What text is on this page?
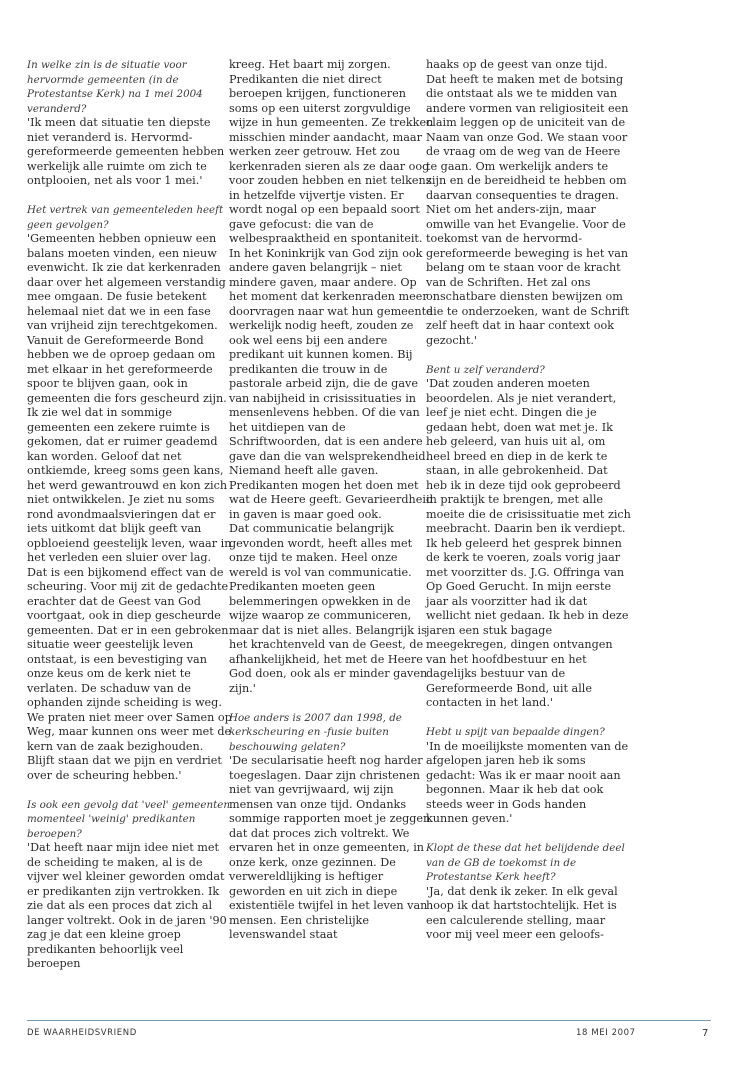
In welke zin is de situatie voor hervormde gemeenten (in de Protestantse Kerk) na 1 mei 2004 veranderd?

'Ik meen dat situatie ten diepste niet veranderd is. Hervormd-gereformeerde gemeenten hebben werkelijk alle ruimte om zich te ontplooien, net als voor 1 mei.'

Het vertrek van gemeenteleden heeft geen gevolgen?

'Gemeenten hebben opnieuw een balans moeten vinden, een nieuw evenwicht. Ik zie dat kerkenraden daar over het algemeen verstandig mee omgaan. De fusie betekent helemaal niet dat we in een fase van vrijheid zijn terechtgekomen. Vanuit de Gereformeerde Bond hebben we de oproep gedaan om met elkaar in het gereformeerde spoor te blijven gaan, ook in gemeenten die fors gescheurd zijn. Ik zie wel dat in sommige gemeenten een zekere ruimte is gekomen, dat er ruimer geademd kan worden. Geloof dat net ontkiemde, kreeg soms geen kans, het werd gewantrouwd en kon zich niet ontwikkelen. Je ziet nu soms rond avondmaalsvieringen dat er iets uitkomt dat blijk geeft van opbloeiend geestelijk leven, waar in het verleden een sluier over lag. Dat is een bijkomend effect van de scheuring. Voor mij zit de gedachte erachter dat de Geest van God voortgaat, ook in diep gescheurde gemeenten. Dat er in een gebroken situatie weer geestelijk leven ontstaat, is een bevestiging van onze keus om de kerk niet te verlaten. De schaduw van de ophanden zijnde scheiding is weg. We praten niet meer over Samen op Weg, maar kunnen ons weer met de kern van de zaak bezighouden. Blijft staan dat we pijn en verdriet over de scheuring hebben.'

Is ook een gevolg dat 'veel' gemeenten momenteel 'weinig' predikanten beroepen?

'Dat heeft naar mijn idee niet met de scheiding te maken, al is de vijver wel kleiner geworden omdat er predikanten zijn vertrokken. Ik zie dat als een proces dat zich al langer voltrekt. Ook in de jaren '90 zag je dat een kleine groep predikanten behoorlijk veel beroepen

kreeg. Het baart mij zorgen. Predikanten die niet direct beroepen krijgen, functioneren soms op een uiterst zorgvuldige wijze in hun gemeenten. Ze trekken misschien minder aandacht, maar werken zeer getrouw. Het zou kerkenraden sieren als ze daar oog voor zouden hebben en niet telkens in hetzelfde vijvertje visten. Er wordt nogal op een bepaald soort gave gefocust: die van de welbespraaktheid en spontaniteit. In het Koninkrijk van God zijn ook andere gaven belangrijk – niet mindere gaven, maar andere. Op het moment dat kerkenraden meer doorvragen naar wat hun gemeente werkelijk nodig heeft, zouden ze ook wel eens bij een andere predikant uit kunnen komen. Bij predikanten die trouw in de pastorale arbeid zijn, die de gave van nabijheid in crisissituaties in mensenlevens hebben. Of die van het uitdiepen van de Schriftwoorden, dat is een andere gave dan die van welsprekendheid. Niemand heeft alle gaven. Predikanten mogen het doen met wat de Heere geeft. Gevarieerdheid in gaven is maar goed ook.
Dat communicatie belangrijk gevonden wordt, heeft alles met onze tijd te maken. Heel onze wereld is vol van communicatie. Predikanten moeten geen belemmeringen opwekken in de wijze waarop ze communiceren, maar dat is niet alles. Belangrijk is het krachtenveld van de Geest, de afhankelijkheid, het met de Heere God doen, ook als er minder gaven zijn.'

Hoe anders is 2007 dan 1998, de kerkscheuring en -fusie buiten beschouwing gelaten?

'De secularisatie heeft nog harder toegeslagen. Daar zijn christenen niet van gevrijwaard, wij zijn mensen van onze tijd. Ondanks sommige rapporten moet je zeggen dat dat proces zich voltrekt. We ervaren het in onze gemeenten, in onze kerk, onze gezinnen. De verwereldlijking is heftiger geworden en uit zich in diepe existentiële twijfel in het leven van mensen. Een christelijke levenswandel staat

haaks op de geest van onze tijd. Dat heeft te maken met de botsing die ontstaat als we te midden van andere vormen van religiositeit een claim leggen op de uniciteit van de Naam van onze God. We staan voor de vraag om de weg van de Heere te gaan. Om werkelijk anders te zijn en de bereidheid te hebben om daarvan consequenties te dragen. Niet om het anders-zijn, maar omwille van het Evangelie. Voor de toekomst van de hervormd-gereformeerde beweging is het van belang om te staan voor de kracht van de Schriften. Het zal ons onschatbare diensten bewijzen om die te onderzoeken, want de Schrift zelf heeft dat in haar context ook gezocht.'

Bent u zelf veranderd?

'Dat zouden anderen moeten beoordelen. Als je niet verandert, leef je niet echt. Dingen die je gedaan hebt, doen wat met je. Ik heb geleerd, van huis uit al, om heel breed en diep in de kerk te staan, in alle gebrokenheid. Dat heb ik in deze tijd ook geprobeerd in praktijk te brengen, met alle moeite die de crisissituatie met zich meebracht. Daarin ben ik verdiept. Ik heb geleerd het gesprek binnen de kerk te voeren, zoals vorig jaar met voorzitter ds. J.G. Offringa van Op Goed Gerucht. In mijn eerste jaar als voorzitter had ik dat wellicht niet gedaan. Ik heb in deze jaren een stuk bagage meegekregen, dingen ontvangen van het hoofdbestuur en het dagelijks bestuur van de Gereformeerde Bond, uit alle contacten in het land.'

Hebt u spijt van bepaalde dingen?

'In de moeilijkste momenten van de afgelopen jaren heb ik soms gedacht: Was ik er maar nooit aan begonnen. Maar ik heb dat ook steeds weer in Gods handen kunnen geven.'

Klopt de these dat het belijdende deel van de GB de toekomst in de Protestantse Kerk heeft?

'Ja, dat denk ik zeker. In elk geval hoop ik dat hartstochtelijk. Het is een calculerende stelling, maar voor mij veel meer een geloofs-

DE WAARHEIDSVRIEND	18 MEI 2007	7
